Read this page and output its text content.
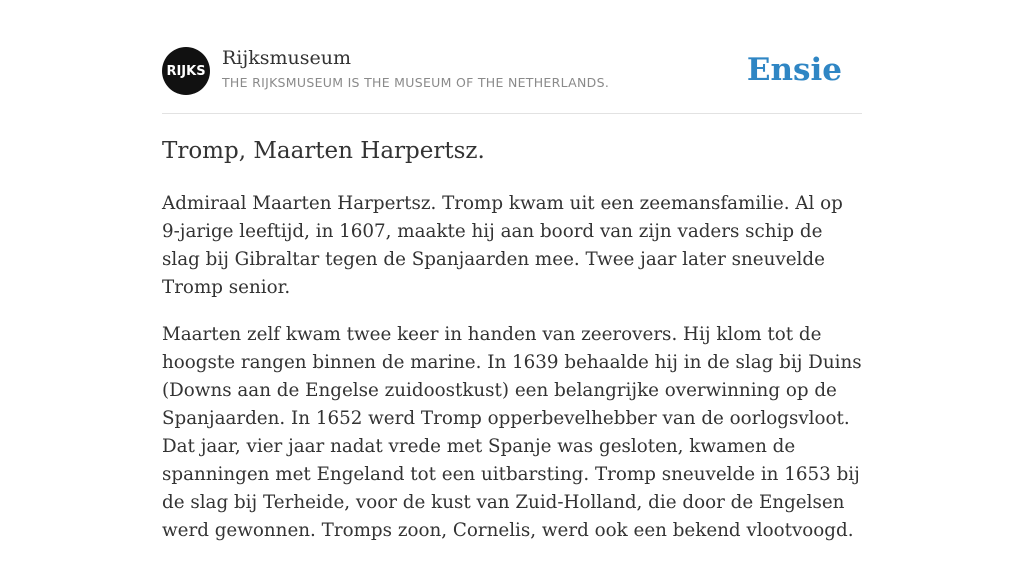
RIJKS
Rijksmuseum
THE RIJKSMUSEUM IS THE MUSEUM OF THE NETHERLANDS.	Ensie
Tromp, Maarten Harpertsz.

Admiraal Maarten Harpertsz. Tromp kwam uit een zeemansfamilie. Al op 9-jarige leeftijd, in 1607, maakte hij aan boord van zijn vaders schip de slag bij Gibraltar tegen de Spanjaarden mee. Twee jaar later sneuvelde Tromp senior.

Maarten zelf kwam twee keer in handen van zeerovers. Hij klom tot de hoogste rangen binnen de marine. In 1639 behaalde hij in de slag bij Duins (Downs aan de Engelse zuidoostkust) een belangrijke overwinning op de Spanjaarden. In 1652 werd Tromp opperbevelhebber van de oorlogsvloot. Dat jaar, vier jaar nadat vrede met Spanje was gesloten, kwamen de spanningen met Engeland tot een uitbarsting. Tromp sneuvelde in 1653 bij de slag bij Terheide, voor de kust van Zuid-Holland, die door de Engelsen werd gewonnen. Tromps zoon, Cornelis, werd ook een bekend vlootvoogd.
